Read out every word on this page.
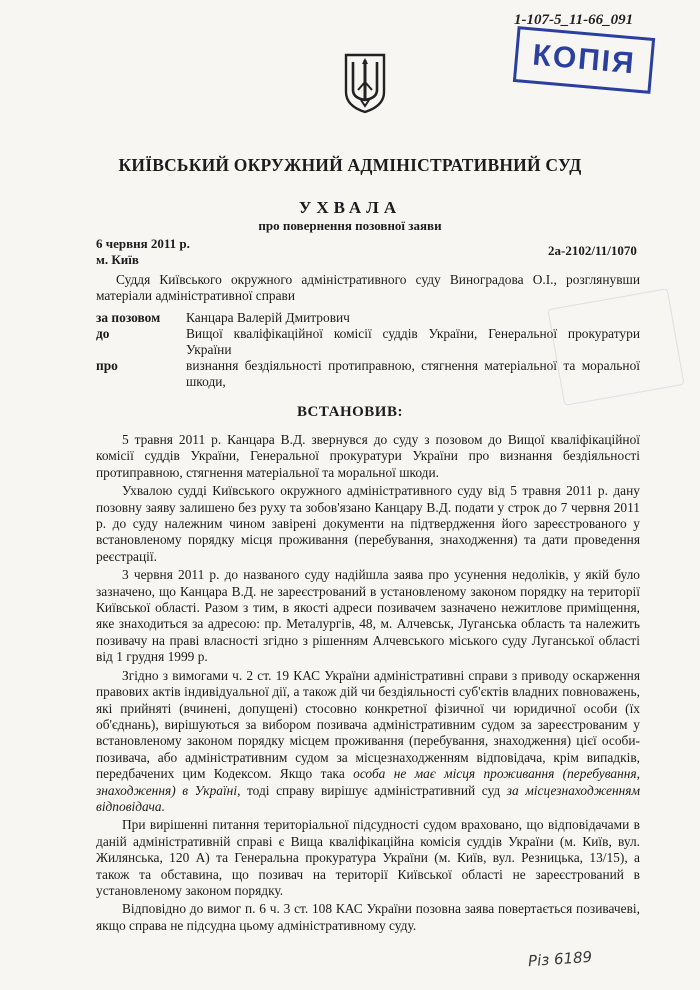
1-107-5_11-66_091
КОПІЯ
КИЇВСЬКИЙ ОКРУЖНИЙ АДМІНІСТРАТИВНИЙ СУД
УХВАЛА
про повернення позовної заяви
6 червня 2011 р.
м. Київ
2а-2102/11/1070
Суддя Київського окружного адміністративного суду Виноградова О.І., розглянувши матеріали адміністративної справи
за позовом Канцара Валерій Дмитрович
до	Вищої кваліфікаційної комісії суддів України, Генеральної прокуратури України
про	визнання бездіяльності протиправною, стягнення матеріальної та моральної шкоди,
ВСТАНОВИВ:

5 травня 2011 р. Канцара В.Д. звернувся до суду з позовом до Вищої кваліфікаційної комісії суддів України, Генеральної прокуратури України про визнання бездіяльності протиправною, стягнення матеріальної та моральної шкоди.

Ухвалою судді Київського окружного адміністративного суду від 5 травня 2011 р. дану позовну заяву залишено без руху та зобов'язано Канцару В.Д. подати у строк до 7 червня 2011 р. до суду належним чином завірені документи на підтвердження його зареєстрованого у встановленому порядку місця проживання (перебування, знаходження) та дати проведення реєстрації.

3 червня 2011 р. до названого суду надійшла заява про усунення недоліків, у якій було зазначено, що Канцара В.Д. не зареєстрований в установленому законом порядку на території Київської області. Разом з тим, в якості адреси позивачем зазначено нежитлове приміщення, яке знаходиться за адресою: пр. Металургів, 48, м. Алчевськ, Луганська область та належить позивачу на праві власності згідно з рішенням Алчевського міського суду Луганської області від 1 грудня 1999 р.

Згідно з вимогами ч. 2 ст. 19 КАС України адміністративні справи з приводу оскарження правових актів індивідуальної дії, а також дій чи бездіяльності суб'єктів владних повноважень, які прийняті (вчинені, допущені) стосовно конкретної фізичної чи юридичної особи (їх об'єднань), вирішуються за вибором позивача адміністративним судом за зареєстрованим у встановленому законом порядку місцем проживання (перебування, знаходження) цієї особи-позивача, або адміністративним судом за місцезнаходженням відповідача, крім випадків, передбачених цим Кодексом. Якщо така особа не має місця проживання (перебування, знаходження) в Україні, тоді справу вирішує адміністративний суд за місцезнаходженням відповідача.

При вирішенні питання територіальної підсудності судом враховано, що відповідачами в даній адміністративній справі є Вища кваліфікаційна комісія суддів України (м. Київ, вул. Жилянська, 120 А) та Генеральна прокуратура України (м. Київ, вул. Резницька, 13/15), а також та обставина, що позивач на території Київської області не зареєстрований в установленому законом порядку.

Відповідно до вимог п. 6 ч. 3 ст. 108 КАС України позовна заява повертається позивачеві, якщо справа не підсудна цьому адміністративному суду.

Різ 6189
